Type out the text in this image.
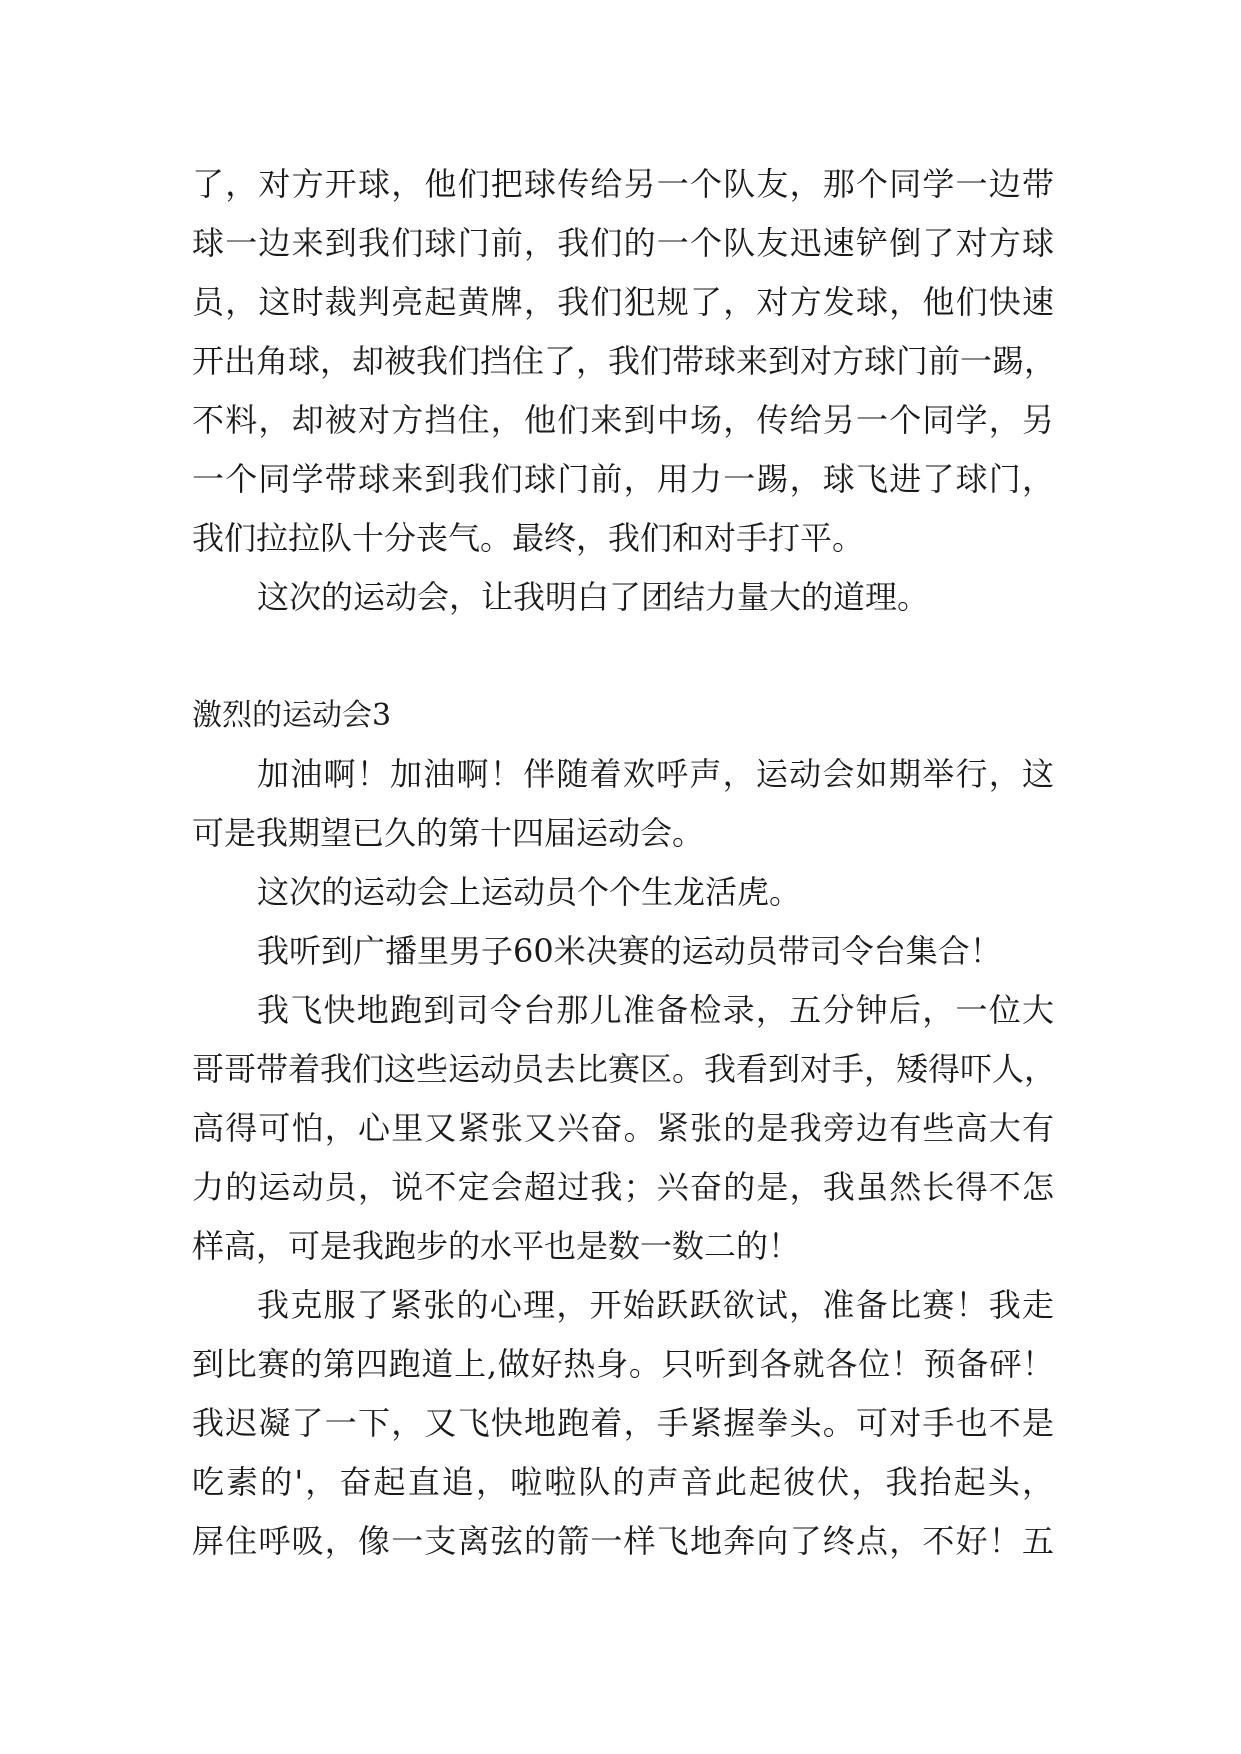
了，对方开球，他们把球传给另一个队友，那个同学一边带
球一边来到我们球门前，我们的一个队友迅速铲倒了对方球
员，这时裁判亮起黄牌，我们犯规了，对方发球，他们快速
开出角球，却被我们挡住了，我们带球来到对方球门前一踢，
不料，却被对方挡住，他们来到中场，传给另一个同学，另
一个同学带球来到我们球门前，用力一踢，球飞进了球门，
我们拉拉队十分丧气。最终，我们和对手打平。
这次的运动会，让我明白了团结力量大的道理。
激烈的运动会3
加油啊！加油啊！伴随着欢呼声，运动会如期举行，这
可是我期望已久的第十四届运动会。
这次的运动会上运动员个个生龙活虎。
我听到广播里男子60米决赛的运动员带司令台集合！
我飞快地跑到司令台那儿准备检录，五分钟后，一位大
哥哥带着我们这些运动员去比赛区。我看到对手，矮得吓人，
高得可怕，心里又紧张又兴奋。紧张的是我旁边有些高大有
力的运动员，说不定会超过我；兴奋的是，我虽然长得不怎
样高，可是我跑步的水平也是数一数二的！
我克服了紧张的心理，开始跃跃欲试，准备比赛！我走
到比赛的第四跑道上,做好热身。只听到各就各位！预备砰！
我迟凝了一下，又飞快地跑着，手紧握拳头。可对手也不是
吃素的'，奋起直追，啦啦队的声音此起彼伏，我抬起头，
屏住呼吸，像一支离弦的箭一样飞地奔向了终点，不好！五
